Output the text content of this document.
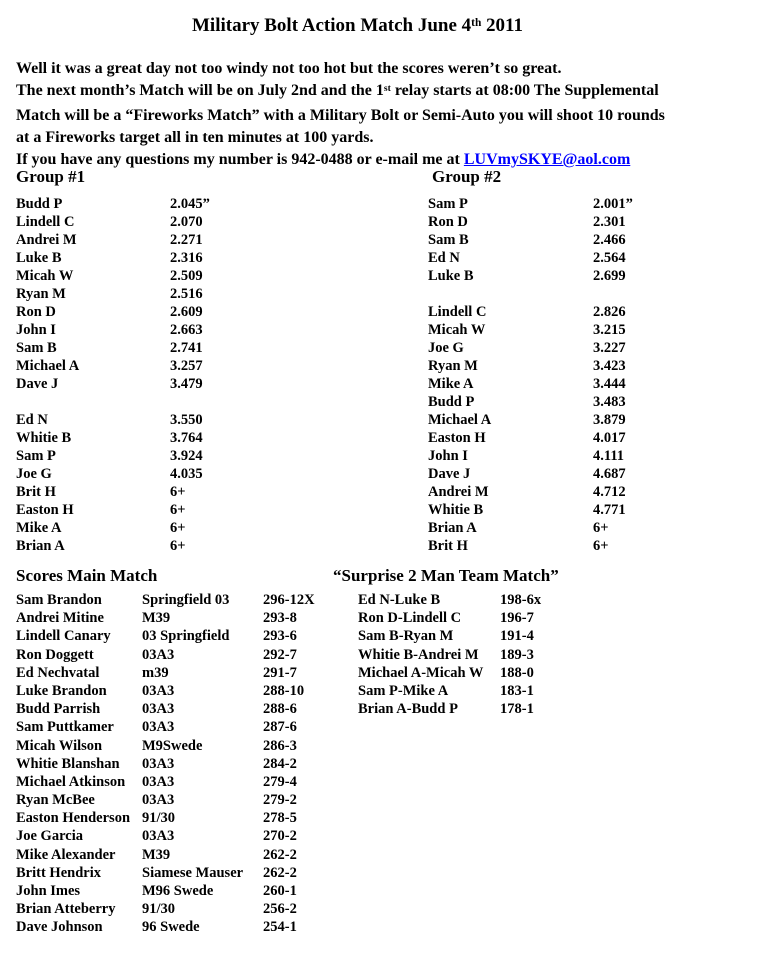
Military Bolt Action Match June 4th 2011
Well it was a great day not too windy not too hot but the scores weren’t so great.
The next month’s Match will be on July 2nd and the 1st relay starts at 08:00 The Supplemental
Match will be a “Fireworks Match” with a Military Bolt or Semi-Auto you will shoot 10 rounds
at a Fireworks target all in ten minutes at 100 yards.
If you have any questions my number is 942-0488 or e-mail me at LUVmySKYE@aol.com
Group #1	Group #2
Budd P	2.045”
Lindell C	2.070
Andrei M	2.271
Luke B	2.316
Micah W	2.509
Ryan M	2.516
Ron D	2.609
John I	2.663
Sam B	2.741
Michael A	3.257
Dave J	3.479
Ed N	3.550
Whitie B	3.764
Sam P	3.924
Joe G	4.035
Brit H	6+
Easton H	6+
Mike A	6+
Brian A	6+
Sam P	2.001”
Ron D	2.301
Sam B	2.466
Ed N	2.564
Luke B	2.699
Lindell C	2.826
Micah W	3.215
Joe G	3.227
Ryan M	3.423
Mike A	3.444
Budd P	3.483
Michael A	3.879
Easton H	4.017
John I	4.111
Dave J	4.687
Andrei M	4.712
Whitie B	4.771
Brian A	6+
Brit H	6+
Scores Main Match	“Surprise 2 Man Team Match”
Sam Brandon	Springfield 03	296-12X
Andrei Mitine	M39	293-8
Lindell Canary	03 Springfield	293-6
Ron Doggett	03A3	292-7
Ed Nechvatal	m39	291-7
Luke Brandon	03A3	288-10
Budd Parrish	03A3	288-6
Sam Puttkamer	03A3	287-6
Micah Wilson	M9Swede	286-3
Whitie Blanshan	03A3	284-2
Michael Atkinson	03A3	279-4
Ryan McBee	03A3	279-2
Easton Henderson 91/30	278-5
Joe Garcia	03A3	270-2
Mike Alexander	M39	262-2
Britt Hendrix	Siamese Mauser	262-2
John Imes	M96 Swede	260-1
Brian Atteberry	91/30	256-2
Dave Johnson	96 Swede	254-1
Ed N-Luke B	198-6x
Ron D-Lindell C	196-7
Sam B-Ryan M	191-4
Whitie B-Andrei M	189-3
Michael A-Micah W	188-0
Sam P-Mike A	183-1
Brian A-Budd P	178-1
